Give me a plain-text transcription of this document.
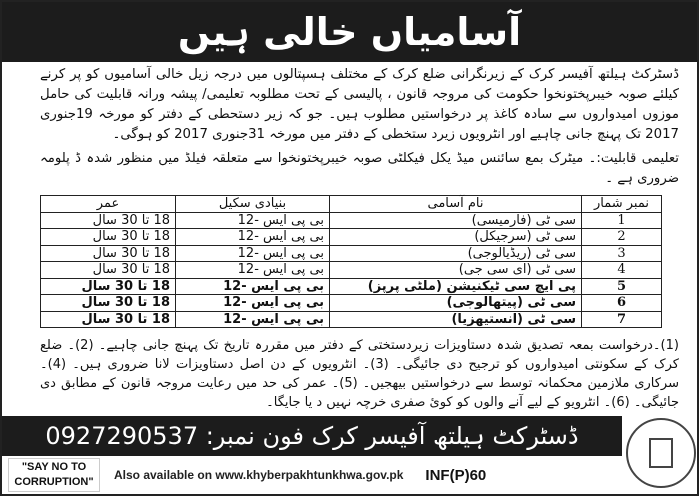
آسامیاں خالی ہیں

ڈسٹرکٹ ہیلتھ آفیسر کرک کے زیرنگرانی ضلع کرک کے مختلف ہسپتالوں میں درجہ زیل خالی آسامیوں کو پر کرنے کیلئے صوبہ خیبرپختونخوا حکومت کی مروجہ قانون ، پالیسی کے تحت مطلوبہ تعلیمی/ پیشہ ورانہ قابلیت کی حامل موزوں امیدواروں سے سادہ کاغذ پر درخواستیں مطلوب ہیں۔ جو کہ زیر دستحطی کے دفتر کو مورخہ 19جنوری 2017 تک پہنچ جانی چاہیے اور انٹرویوں زیرد ستخطی کے دفتر میں مورخہ 31جنوری 2017 کو ہوگی۔

تعلیمی قابلیت:۔ میٹرک بمع سائنس میڈ یکل فیکلٹی صوبہ خیبرپختونخوا سے متعلقہ فیلڈ میں منظور شدہ ڈ پلومہ ضروری ہے ۔

نمبر شمار	نام آسامی	بنیادی سکیل	عمر
1	سی ٹی (فارمیسی)	بی پی ایس -12	18 تا 30 سال
2	سی ٹی (سرجیکل)	بی پی ایس -12	18 تا 30 سال
3	سی ٹی (ریڈیالوجی)	بی پی ایس -12	18 تا 30 سال
4	سی ٹی (ای سی جی)	بی پی ایس -12	18 تا 30 سال
5	پی ایچ سی ٹیکنیشن (ملٹی پرپز)	بی پی ایس -12	18 تا 30 سال
6	سی ٹی (پیتھالوجی)	بی پی ایس -12	18 تا 30 سال
7	سی ٹی (انستیھزیا)	بی پی ایس -12	18 تا 30 سال

(1)۔درخواست بمعہ تصدیق شدہ دستاویزات زیردستختی کے دفتر میں مقررہ تاریخ تک پہنچ جانی چاہیے۔ (2)۔ ضلع کرک کے سکونتی امیدواروں کو ترجیح دی جائیگی۔ (3)۔ انٹرویوں کے دن اصل دستاویزات لانا ضروری ہیں۔ (4)۔ سرکاری ملازمین محکمانہ توسط سے درخواستیں بیھجیں۔ (5)۔ عمر کی حد میں رعایت مروجہ قانون کے مطابق دی جائیگی۔ (6)۔ انٹرویو کے لیے آنے والوں کو کوئ صفری خرچہ نہیں د یا جایگا۔

ڈسٹرکٹ ہیلتھ آفیسر کرک فون نمبر: 0927290537
"SAY NO TO
CORRUPTION"	Also available on www.khyberpakhtunkhwa.gov.pk INF(P)60
